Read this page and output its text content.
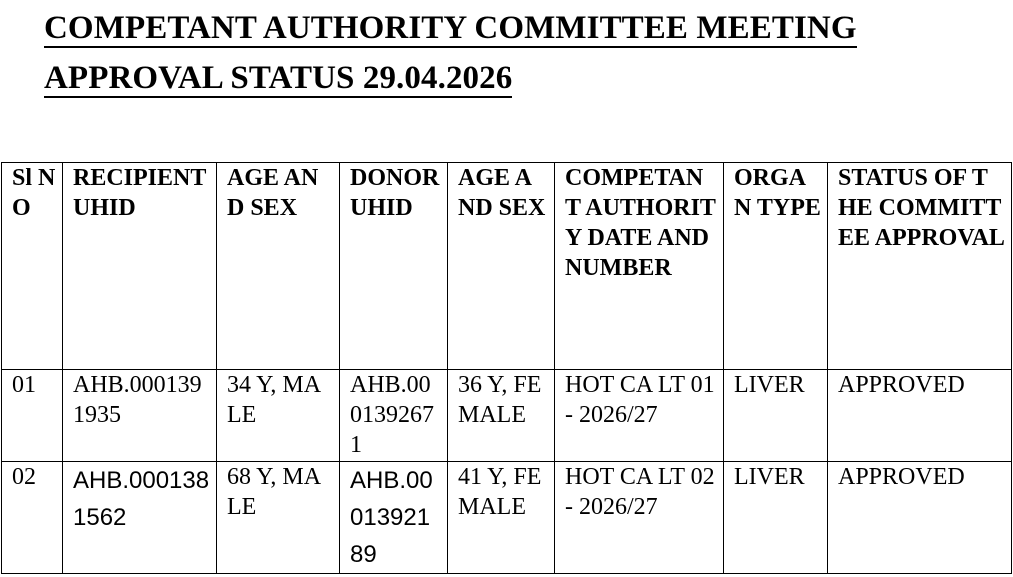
COMPETANT AUTHORITY COMMITTEE MEETING
APPROVAL STATUS 29.04.2026
Sl NO	RECIPIENT UHID	AGE AND SEX	DONOR UHID	AGE AND SEX	COMPETANT AUTHORITY DATE AND NUMBER	ORGAN TYPE	STATUS OF THE COMMITTEE APPROVAL
01	AHB.0001391935	34 Y, MALE	AHB.0001392671	36 Y, FEMALE	HOT CA LT 01- 2026/27	LIVER	APPROVED
02	AHB.0001381562	68 Y, MALE	AHB.0001392189	41 Y, FEMALE	HOT CA LT 02- 2026/27	LIVER	APPROVED
